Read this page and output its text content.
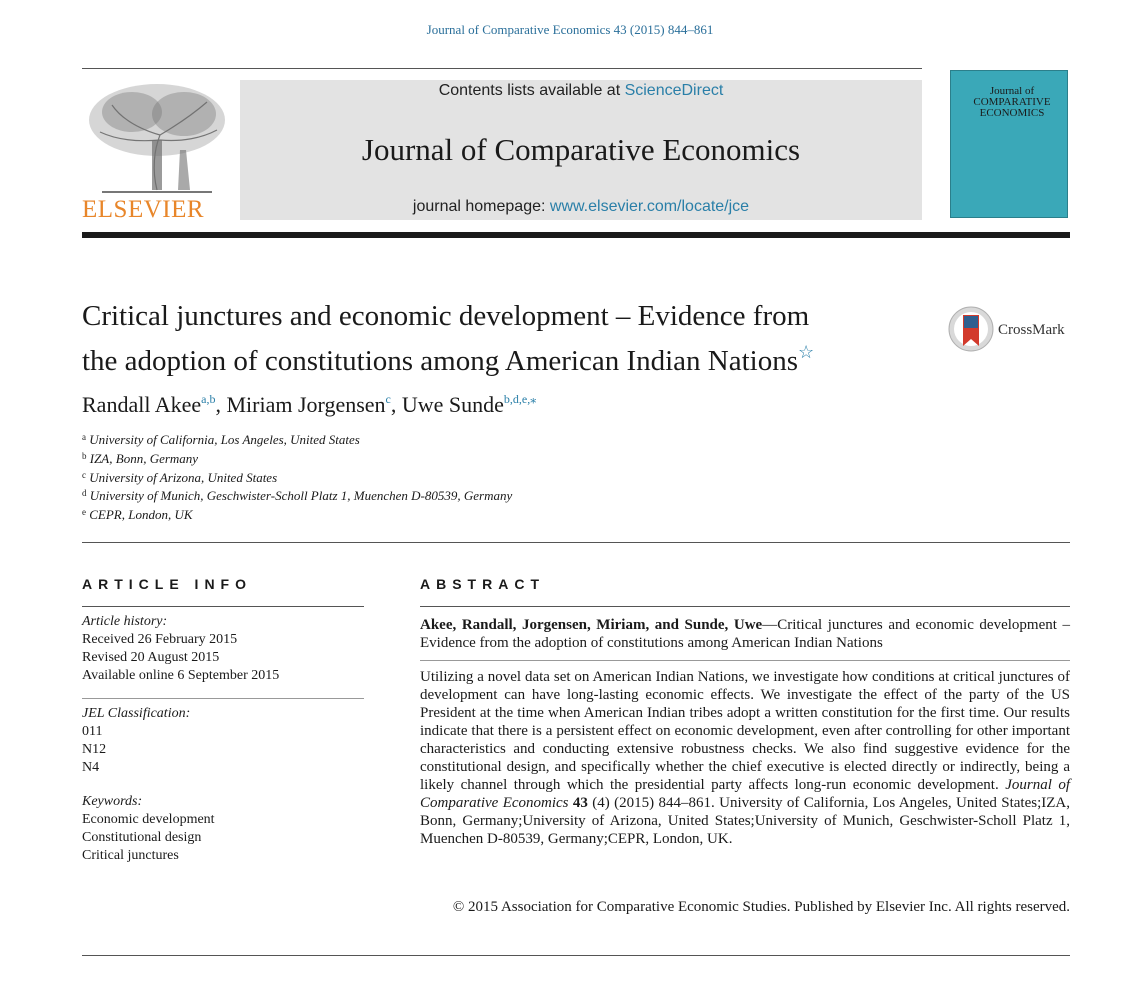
Journal of Comparative Economics 43 (2015) 844–861
ELSEVIER
Contents lists available at ScienceDirect
Journal of Comparative Economics
journal homepage: www.elsevier.com/locate/jce
Journal of
COMPARATIVE
ECONOMICS
Critical junctures and economic development – Evidence from
the adoption of constitutions among American Indian Nations☆
CrossMark
Randall Akee$^{a,b}$, Miriam Jorgensen$^c$, Uwe Sunde$^{b,d,e,⁎}$
$^a$ University of California, Los Angeles, United States
$^b$ IZA, Bonn, Germany
$^c$ University of Arizona, United States
$^d$ University of Munich, Geschwister-Scholl Platz 1, Muenchen D-80539, Germany
$^e$ CEPR, London, UK
ARTICLE INFO
Article history:
Received 26 February 2015
Revised 20 August 2015
Available online 6 September 2015
JEL Classification:
011
N12
N4
Keywords:
Economic development
Constitutional design
Critical junctures
ABSTRACT
Akee, Randall, Jorgensen, Miriam, and Sunde, Uwe—Critical junctures and economic development – Evidence from the adoption of constitutions among American Indian Nations
Utilizing a novel data set on American Indian Nations, we investigate how conditions at critical junctures of development can have long-lasting economic effects. We investigate the effect of the party of the US President at the time when American Indian tribes adopt a written constitution for the first time. Our results indicate that there is a persistent effect on economic development, even after controlling for other important characteristics and conducting extensive robustness checks. We also find suggestive evidence for the constitutional design, and specifically whether the chief executive is elected directly or indirectly, being a likely channel through which the presidential party affects long-run economic development. Journal of Comparative Economics 43 (4) (2015) 844–861. University of California, Los Angeles, United States;IZA, Bonn, Germany;University of Arizona, United States;University of Munich, Geschwister-Scholl Platz 1, Muenchen D-80539, Germany;CEPR, London, UK.
© 2015 Association for Comparative Economic Studies. Published by Elsevier Inc. All rights reserved.
